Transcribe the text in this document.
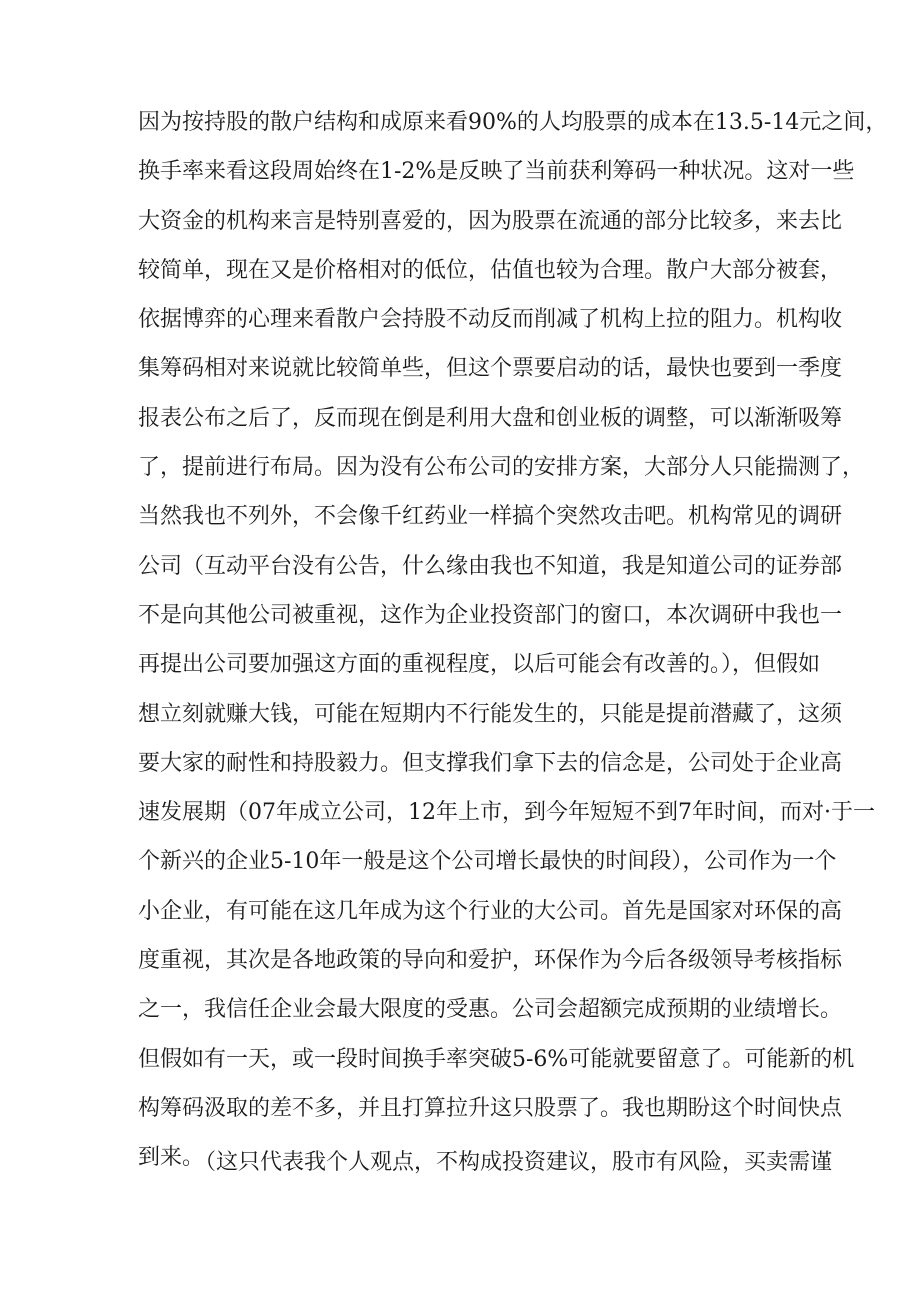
因为按持股的散户结构和成原来看90%的人均股票的成本在13.5-14元之间，
换手率来看这段周始终在1-2%是反映了当前获利筹码一种状况。这对一些
大资金的机构来言是特别喜爱的，因为股票在流通的部分比较多，来去比
较简单，现在又是价格相对的低位，估值也较为合理。散户大部分被套，
依据博弈的心理来看散户会持股不动反而削减了机构上拉的阻力。机构收
集筹码相对来说就比较简单些，但这个票要启动的话，最快也要到一季度
报表公布之后了，反而现在倒是利用大盘和创业板的调整，可以渐渐吸筹
了，提前进行布局。因为没有公布公司的安排方案，大部分人只能揣测了，
当然我也不列外，不会像千红药业一样搞个突然攻击吧。机构常见的调研
公司（互动平台没有公告，什么缘由我也不知道，我是知道公司的证券部
不是向其他公司被重视，这作为企业投资部门的窗口，本次调研中我也一
再提出公司要加强这方面的重视程度，以后可能会有改善的。），但假如
想立刻就赚大钱，可能在短期内不行能发生的，只能是提前潜藏了，这须
要大家的耐性和持股毅力。但支撑我们拿下去的信念是，公司处于企业高
速发展期（07年成立公司，12年上市，到今年短短不到7年时间，而对·于一
个新兴的企业5-10年一般是这个公司增长最快的时间段），公司作为一个
小企业，有可能在这几年成为这个行业的大公司。首先是国家对环保的高
度重视，其次是各地政策的导向和爱护，环保作为今后各级领导考核指标
之一，我信任企业会最大限度的受惠。公司会超额完成预期的业绩增长。
但假如有一天，或一段时间换手率突破5-6%可能就要留意了。可能新的机
构筹码汲取的差不多，并且打算拉升这只股票了。我也期盼这个时间快点
到来。
（这只代表我个人观点，不构成投资建议，股市有风险，买卖需谨
